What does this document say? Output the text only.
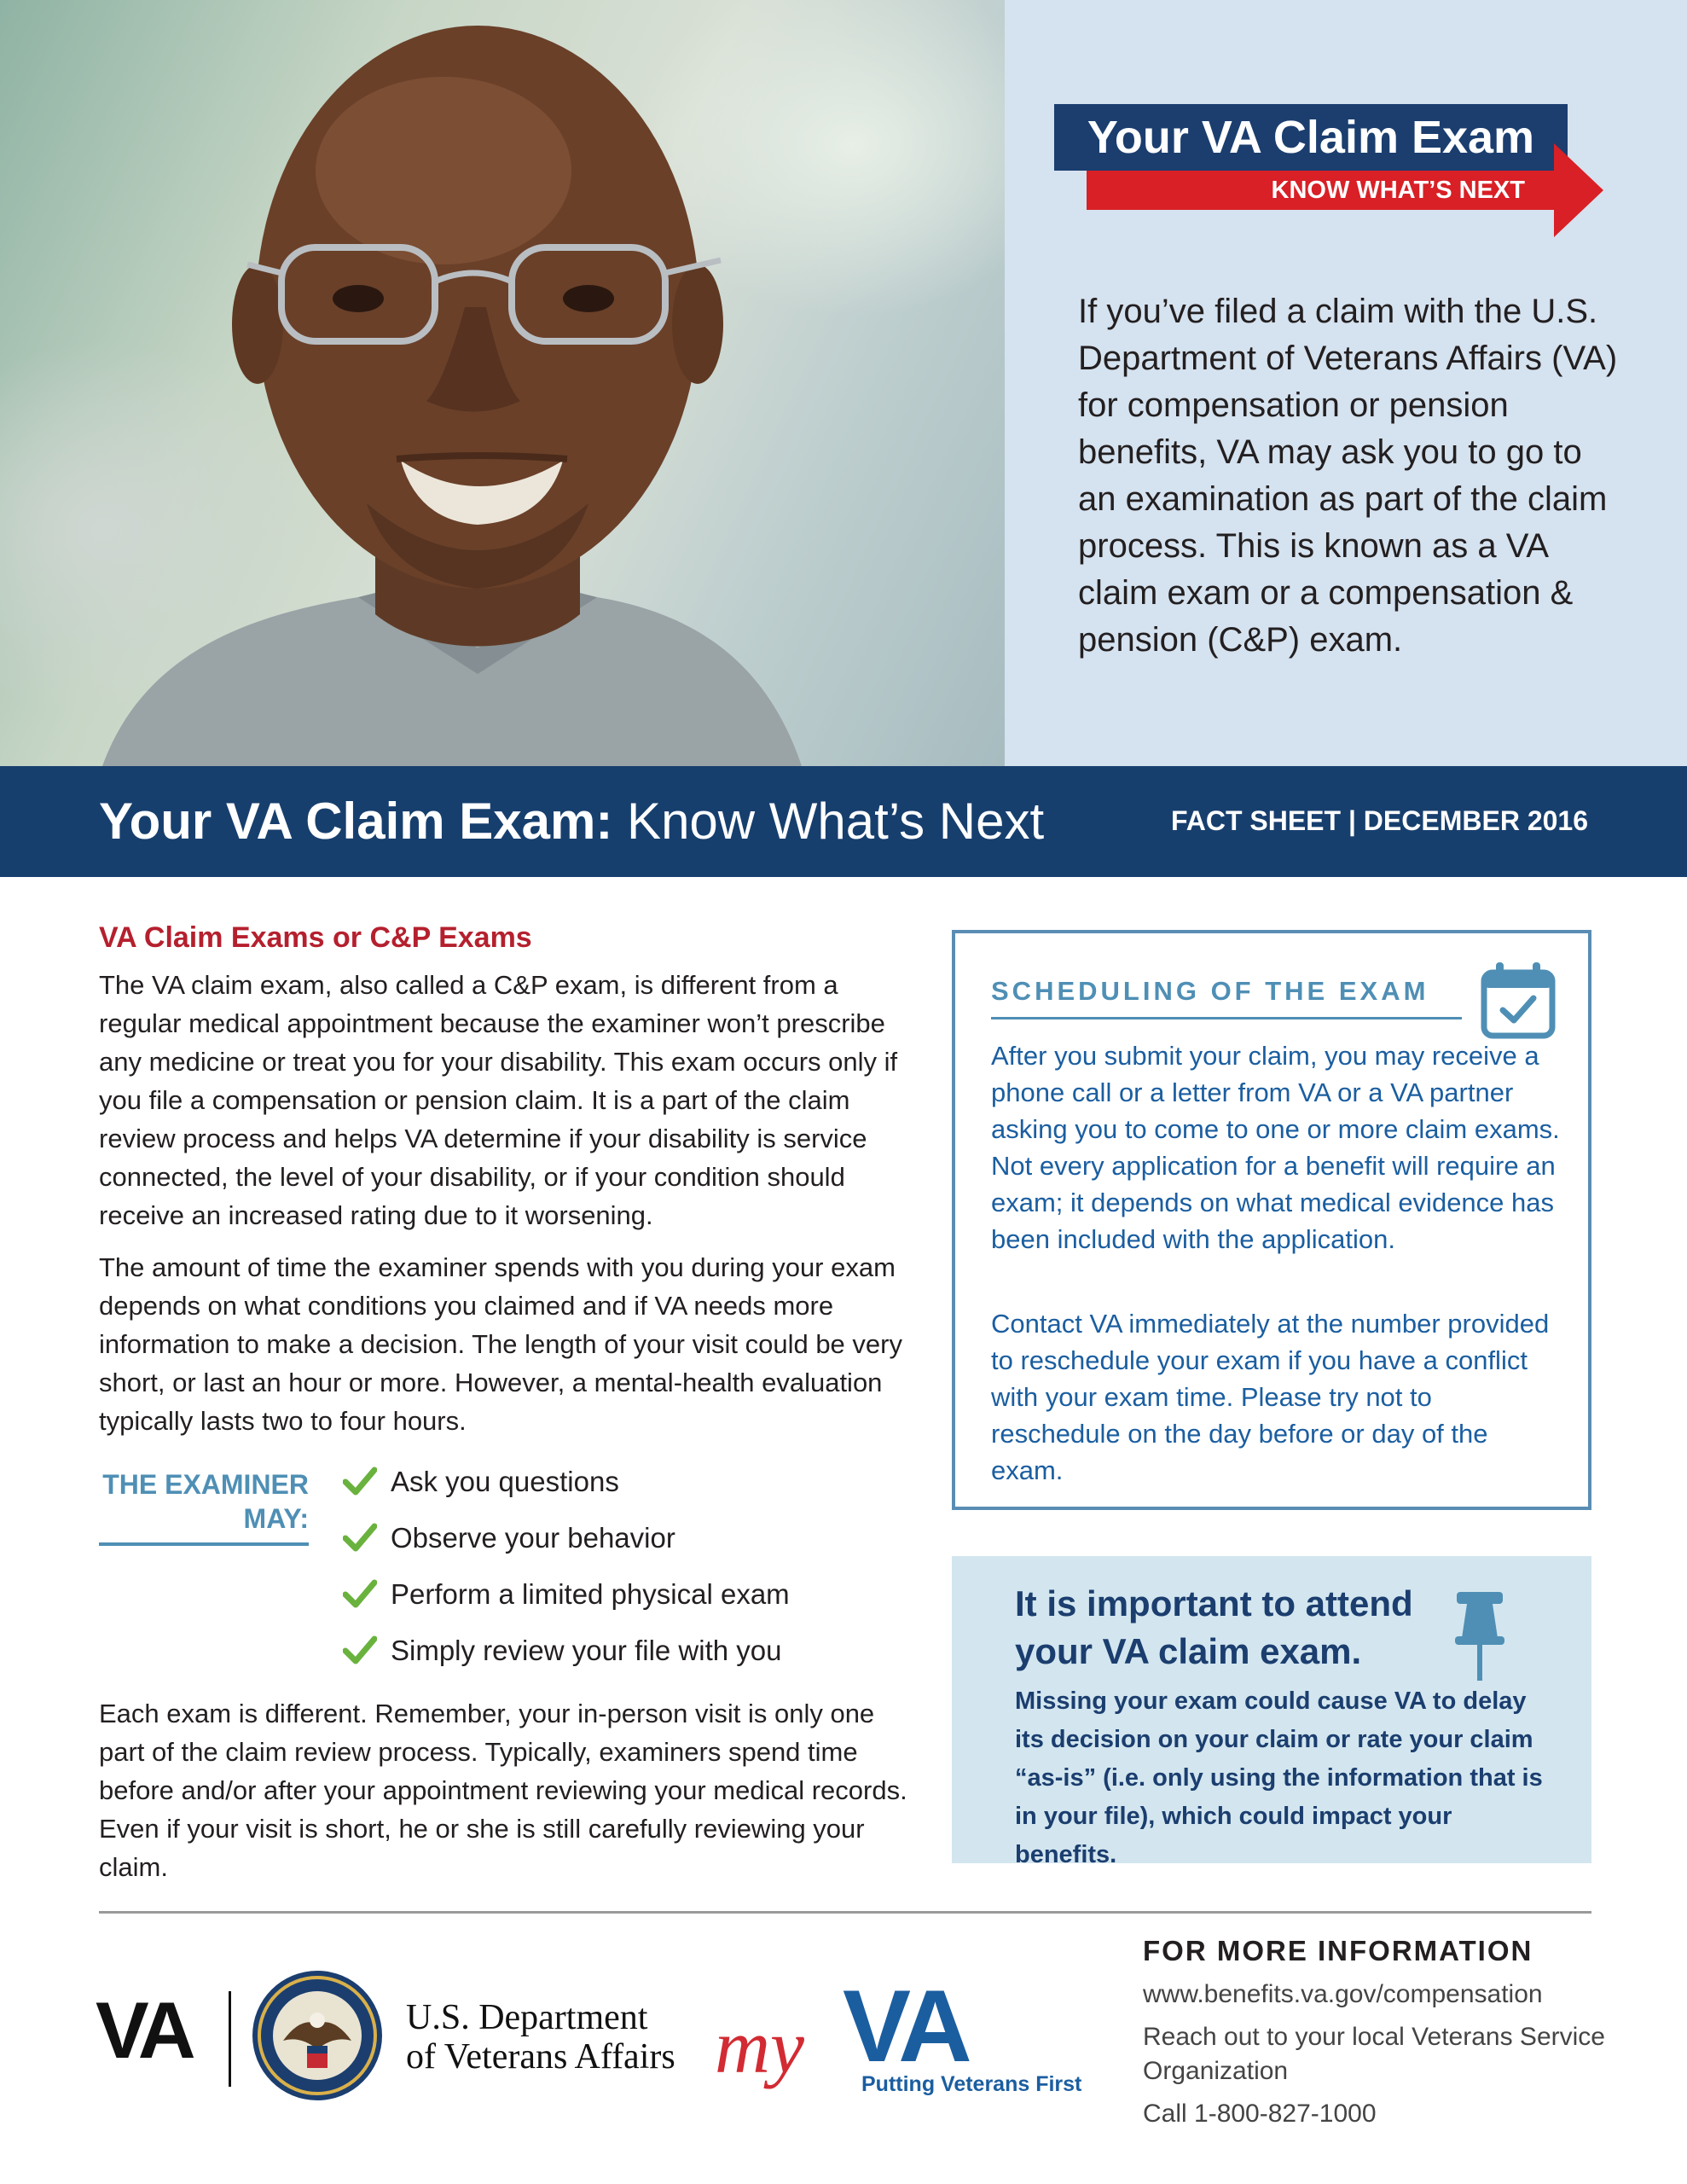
Your VA Claim Exam
KNOW WHAT’S NEXT
If you’ve filed a claim with the U.S. Department of Veterans Affairs (VA) for compensation or pension benefits, VA may ask you to go to an examination as part of the claim process. This is known as a VA claim exam or a compensation & pension (C&P) exam.
Your VA Claim Exam: Know What’s Next	FACT SHEET | DECEMBER 2016
VA Claim Exams or C&P Exams

The VA claim exam, also called a C&P exam, is different from a regular medical appointment because the examiner won’t prescribe any medicine or treat you for your disability. This exam occurs only if you file a compensation or pension claim. It is a part of the claim review process and helps VA determine if your disability is service connected, the level of your disability, or if your condition should receive an increased rating due to it worsening.

The amount of time the examiner spends with you during your exam depends on what conditions you claimed and if VA needs more information to make a decision. The length of your visit could be very short, or last an hour or more. However, a mental-health evaluation typically lasts two to four hours.

THE EXAMINER
MAY:
Ask you questions
Observe your behavior
Perform a limited physical exam
Simply review your file with you

Each exam is different. Remember, your in-person visit is only one part of the claim review process. Typically, examiners spend time before and/or after your appointment reviewing your medical records. Even if your visit is short, he or she is still carefully reviewing your claim.

SCHEDULING OF THE EXAM
After you submit your claim, you may receive a phone call or a letter from VA or a VA partner asking you to come to one or more claim exams. Not every application for a benefit will require an exam; it depends on what medical evidence has been included with the application.
Contact VA immediately at the number provided to reschedule your exam if you have a conflict with your exam time. Please try not to reschedule on the day before or day of the exam.
It is important to attend your VA claim exam.
Missing your exam could cause VA to delay its decision on your claim or rate your claim “as-is” (i.e. only using the information that is in your file), which could impact your benefits.
VA	U.S. Department
of Veterans Affairs VA
my	Putting Veterans First
FOR MORE INFORMATION
www.benefits.va.gov/compensation
Reach out to your local Veterans Service Organization
Call 1-800-827-1000
